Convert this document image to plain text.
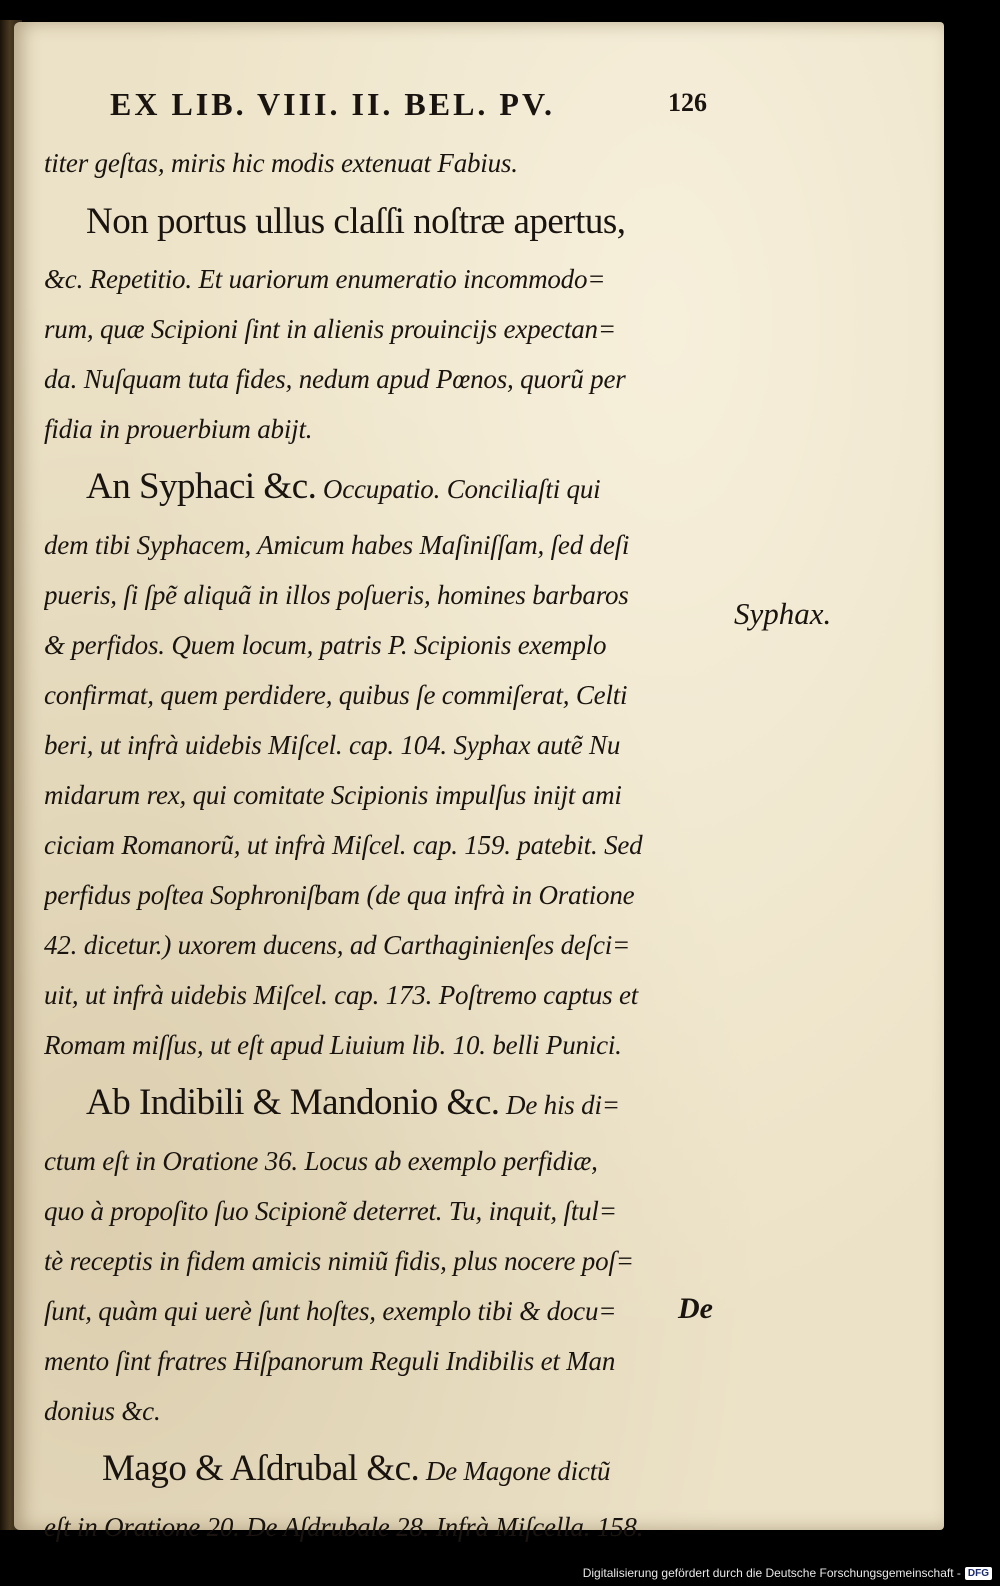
EX LIB. VIII. II. BEL. PV.	126
titer geſtas, miris hic modis extenuat Fabius.
Non portus ullus claſſi noſtræ apertus,
&c. Repetitio. Et uariorum enumeratio incommodo=
rum, quæ Scipioni ſint in alienis prouincijs expectan=
da. Nuſquam tuta fides, nedum apud Pœnos, quorũ per
fidia in prouerbium abijt.
An Syphaci &c. Occupatio. Conciliaſti qui
dem tibi Syphacem, Amicum habes Maſiniſſam, ſed deſi
pueris, ſi ſpẽ aliquã in illos poſueris, homines barbaros
& perfidos. Quem locum, patris P. Scipionis exemplo
confirmat, quem perdidere, quibus ſe commiſerat, Celti
beri, ut infrà uidebis Miſcel. cap. 104. Syphax autẽ Nu
midarum rex, qui comitate Scipionis impulſus inijt ami
ciciam Romanorũ, ut infrà Miſcel. cap. 159. patebit. Sed
perfidus poſtea Sophroniſbam (de qua infrà in Oratione
42. dicetur.) uxorem ducens, ad Carthaginienſes deſci=
uit, ut infrà uidebis Miſcel. cap. 173. Poſtremo captus et
Romam miſſus, ut eſt apud Liuium lib. 10. belli Punici.
Ab Indibili & Mandonio &c. De his di=
ctum eſt in Oratione 36. Locus ab exemplo perfidiæ,
quo à propoſito ſuo Scipionẽ deterret. Tu, inquit, ſtul=
tè receptis in fidem amicis nimiũ fidis, plus nocere poſ=
ſunt, quàm qui uerè ſunt hoſtes, exemplo tibi & docu=
mento ſint fratres Hiſpanorum Reguli Indibilis et Man
donius &c.
Mago & Aſdrubal &c. De Magone dictũ
eſt in Oratione 20. De Aſdrubale 28. Infrà Miſcella. 158.
De
Syphax.
Digitalisierung gefördert durch die Deutsche Forschungsgemeinschaft - DFG
